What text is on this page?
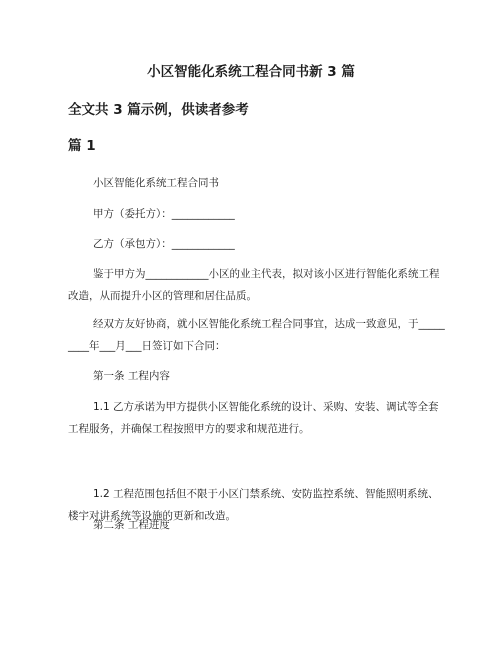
小区智能化系统工程合同书新 3 篇
全文共 3 篇示例，供读者参考
篇 1

小区智能化系统工程合同书

甲方（委托方）：____________

乙方（承包方）：____________

鉴于甲方为____________小区的业主代表，拟对该小区进行智能化系统工程改造，从而提升小区的管理和居住品质。

经双方友好协商，就小区智能化系统工程合同事宜，达成一致意见，于_________年___月___日签订如下合同：

第一条 工程内容

1.1 乙方承诺为甲方提供小区智能化系统的设计、采购、安装、调试等全套工程服务，并确保工程按照甲方的要求和规范进行。

1.2 工程范围包括但不限于小区门禁系统、安防监控系统、智能照明系统、楼宇对讲系统等设施的更新和改造。

第二条 工程进度
